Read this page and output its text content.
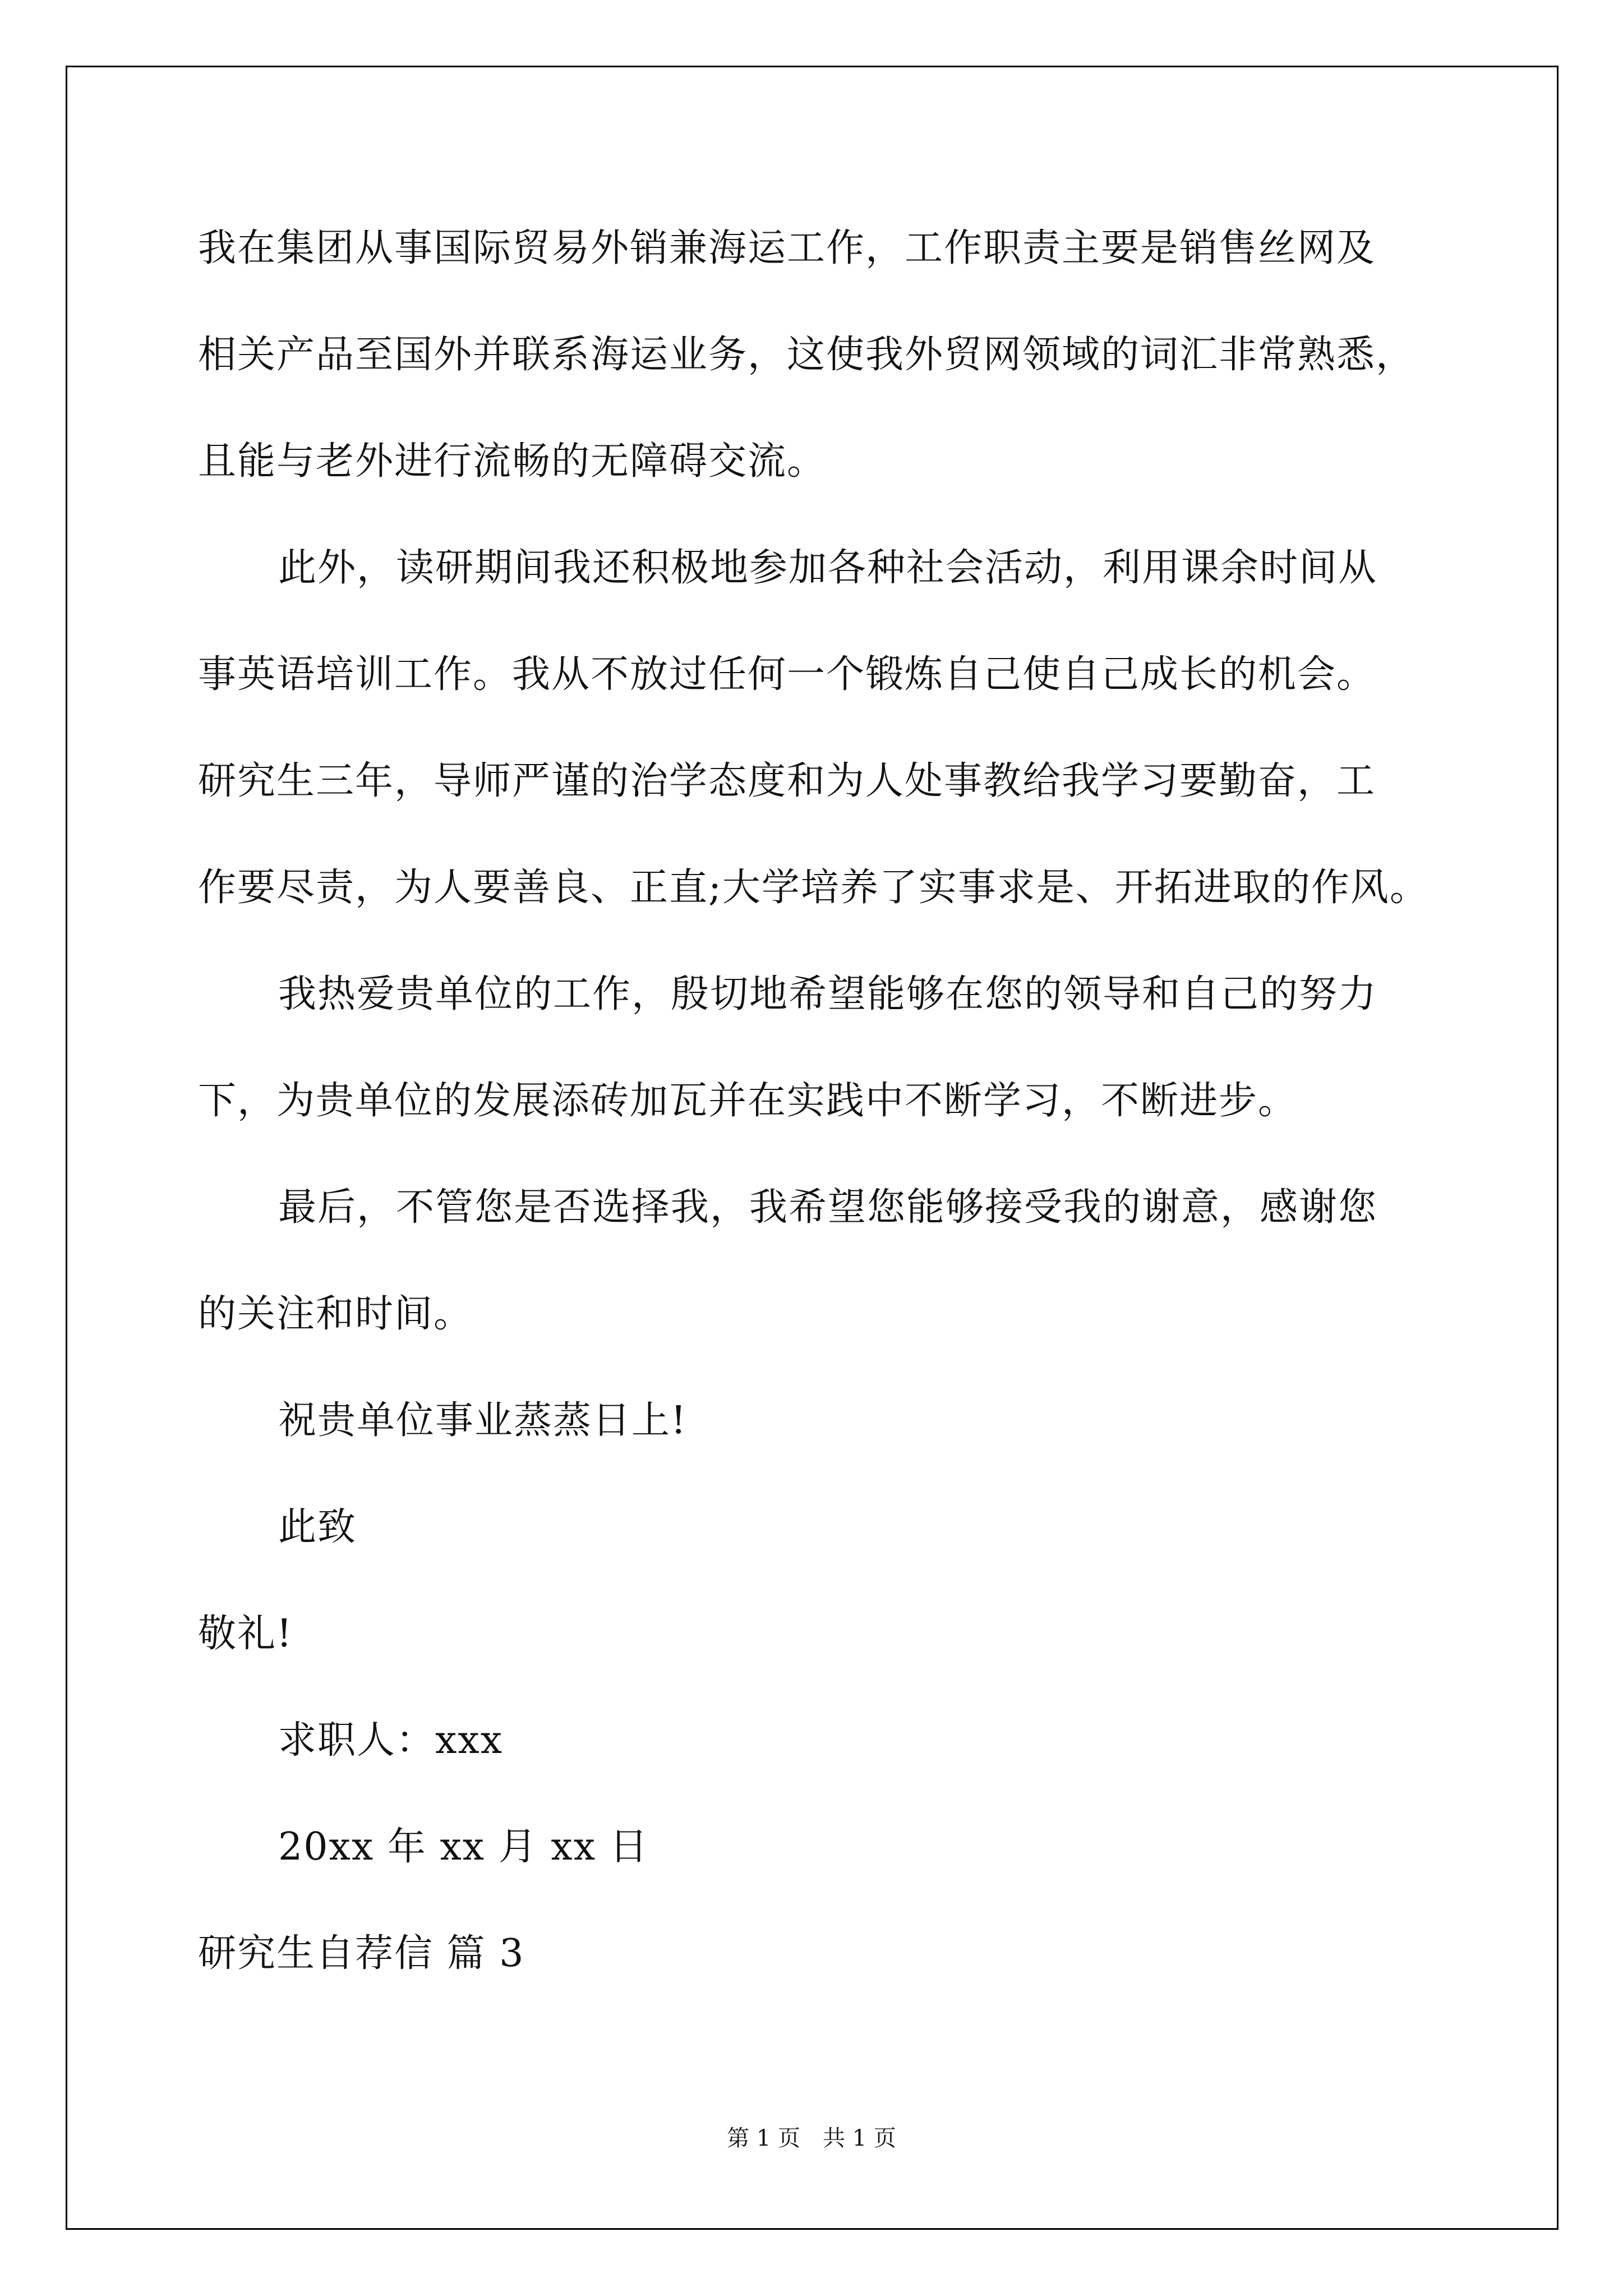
我在集团从事国际贸易外销兼海运工作，工作职责主要是销售丝网及
相关产品至国外并联系海运业务，这使我外贸网领域的词汇非常熟悉，
且能与老外进行流畅的无障碍交流。
此外，读研期间我还积极地参加各种社会活动，利用课余时间从
事英语培训工作。我从不放过任何一个锻炼自己使自己成长的机会。
研究生三年，导师严谨的治学态度和为人处事教给我学习要勤奋，工
作要尽责，为人要善良、正直;大学培养了实事求是、开拓进取的作风。
我热爱贵单位的工作，殷切地希望能够在您的领导和自己的努力
下，为贵单位的发展添砖加瓦并在实践中不断学习，不断进步。
最后，不管您是否选择我，我希望您能够接受我的谢意，感谢您
的关注和时间。
祝贵单位事业蒸蒸日上!
此致
敬礼!
求职人：xxx
20xx 年 xx 月 xx 日
研究生自荐信 篇 3
第 1 页　共 1 页
